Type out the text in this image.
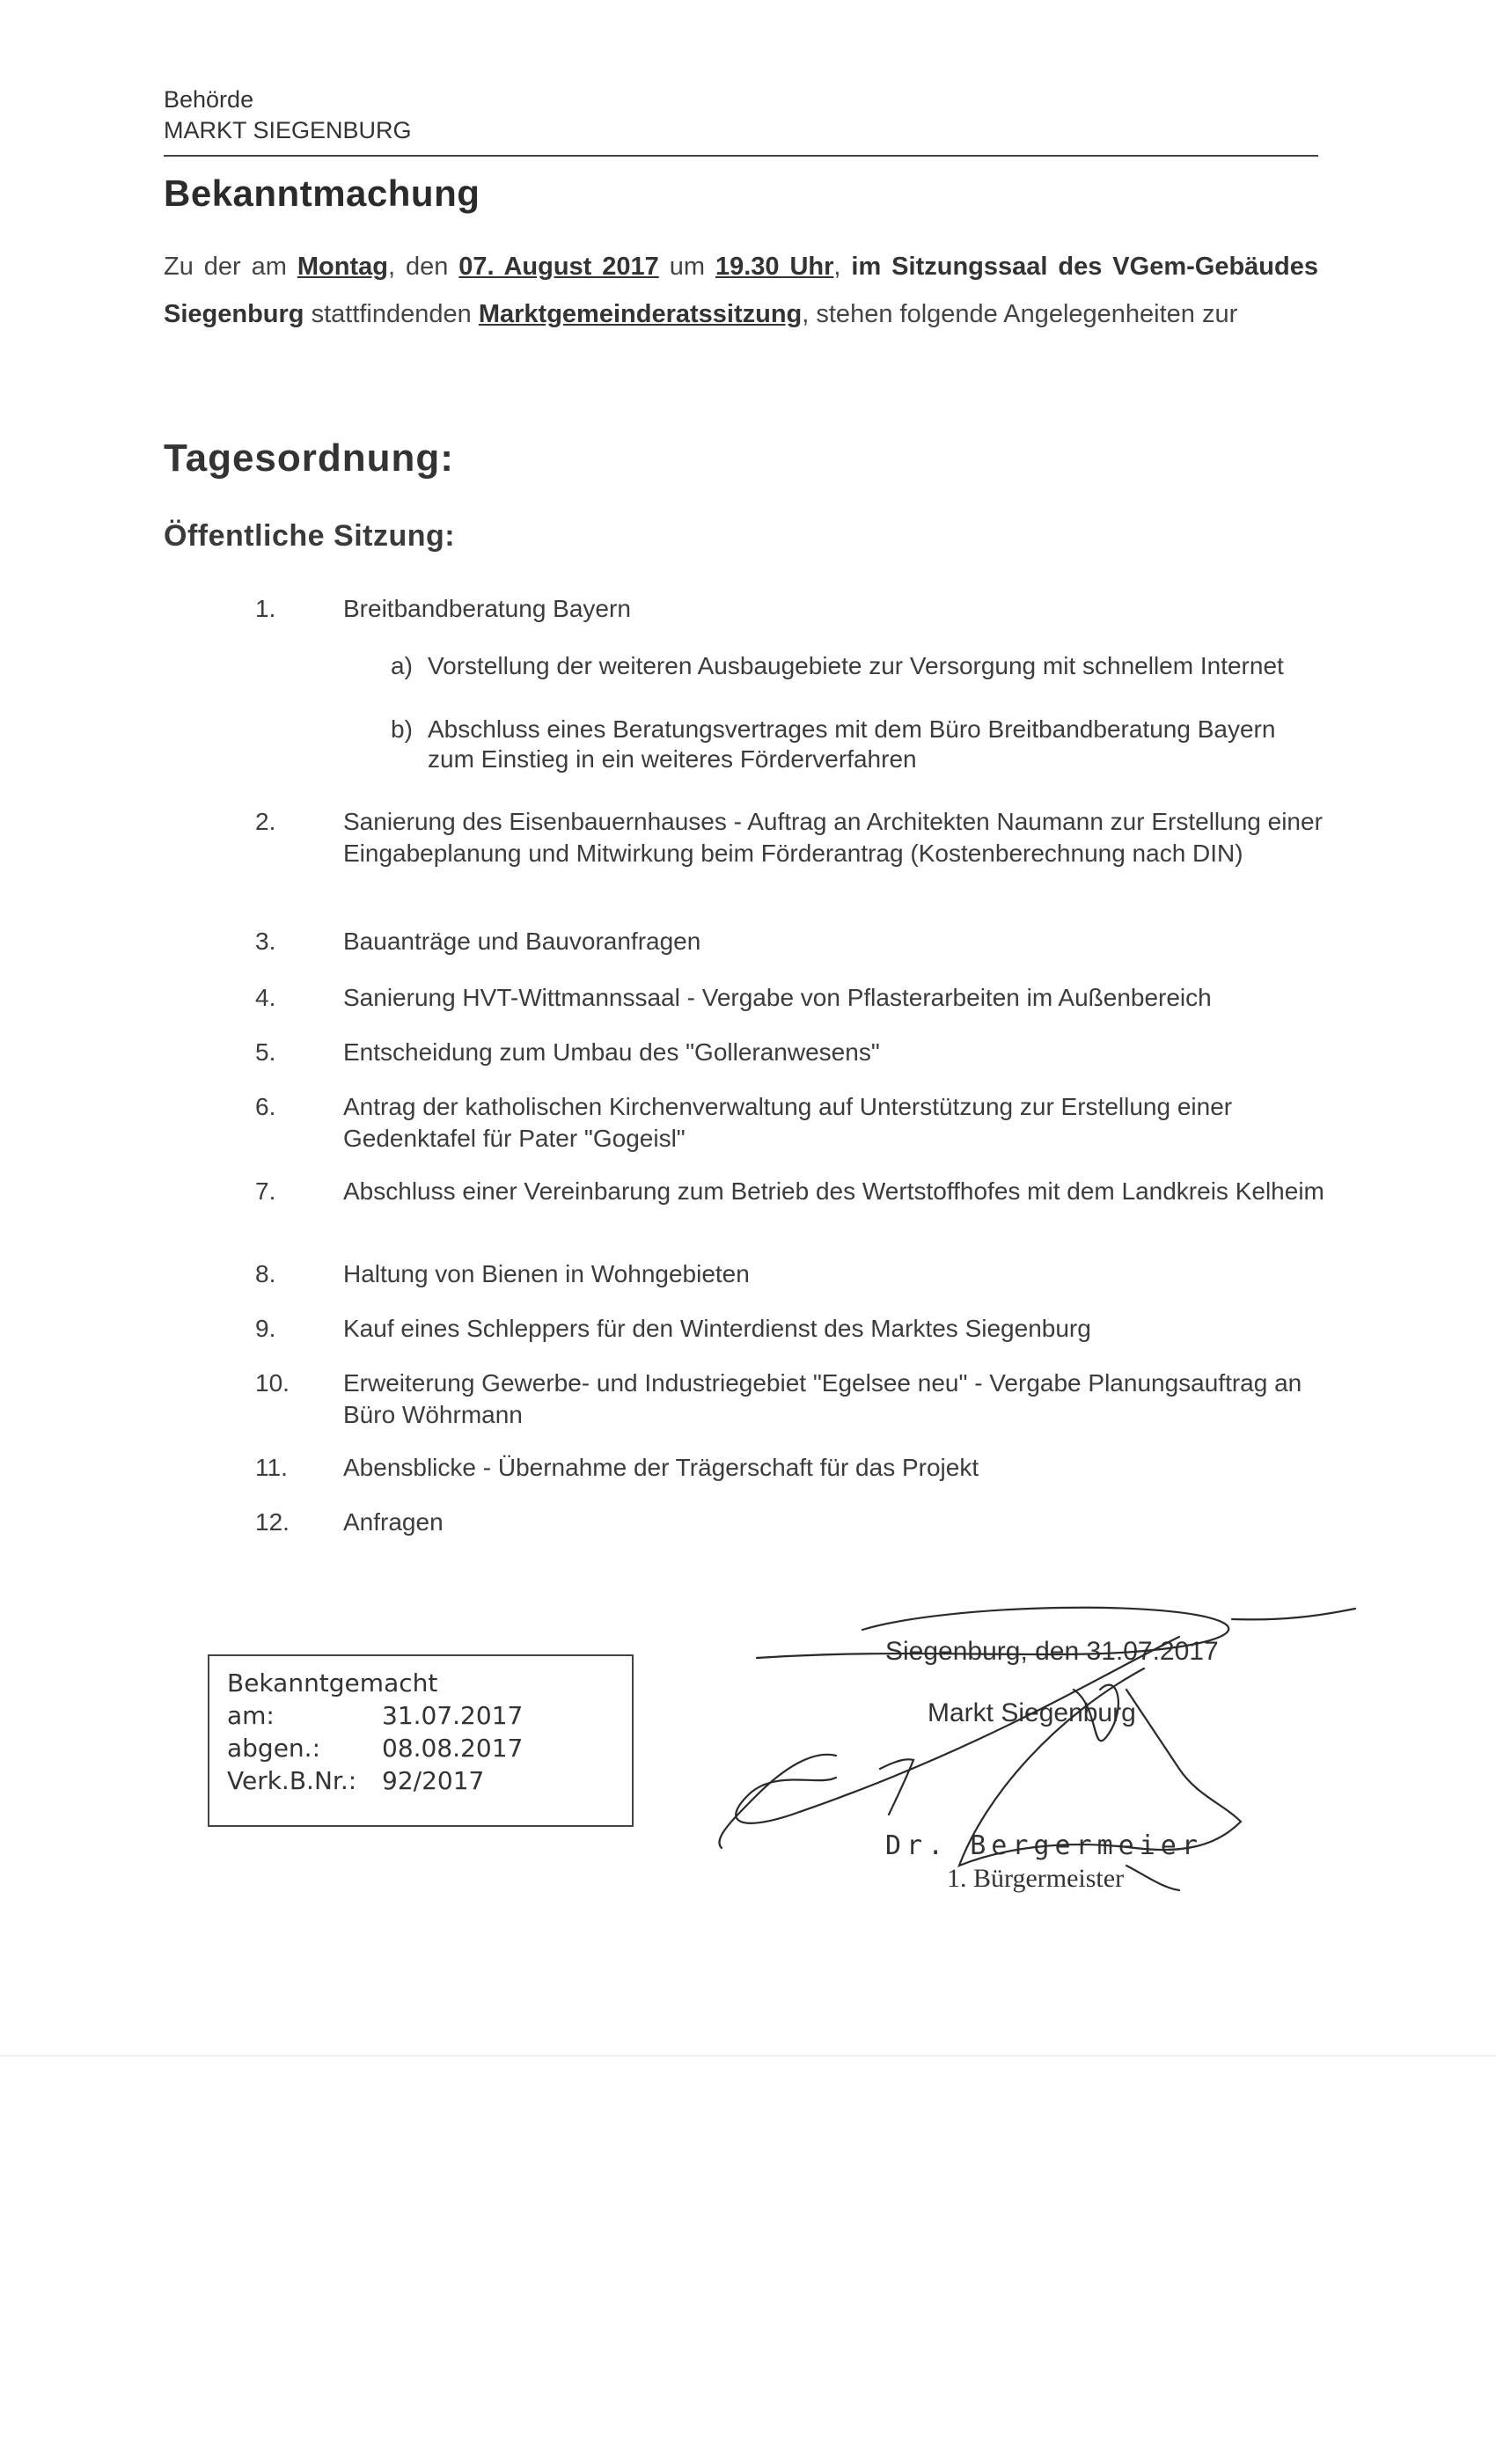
Behörde
MARKT SIEGENBURG
Bekanntmachung
Zu der am Montag, den 07. August 2017 um 19.30 Uhr, im Sitzungssaal des VGem-Gebäudes Siegenburg stattfindenden Marktgemeinderatssitzung, stehen folgende Angelegenheiten zur
Tagesordnung:
Öffentliche Sitzung:
1.	Breitbandberatung Bayern
a) Vorstellung der weiteren Ausbaugebiete zur Versorgung mit schnellem Internet
b) Abschluss eines Beratungsvertrages mit dem Büro Breitbandberatung Bayern zum Einstieg in ein weiteres Förderverfahren
2.	Sanierung des Eisenbauernhauses - Auftrag an Architekten Naumann zur Erstellung einer Eingabeplanung und Mitwirkung beim Förderantrag (Kostenberechnung nach DIN)
3.	Bauanträge und Bauvoranfragen
4.	Sanierung HVT-Wittmannssaal - Vergabe von Pflasterarbeiten im Außenbereich
5.	Entscheidung zum Umbau des "Golleranwesens"
6.	Antrag der katholischen Kirchenverwaltung auf Unterstützung zur Erstellung einer Gedenktafel für Pater "Gogeisl"
7.	Abschluss einer Vereinbarung zum Betrieb des Wertstoffhofes mit dem Landkreis Kelheim
8.	Haltung von Bienen in Wohngebieten
9.	Kauf eines Schleppers für den Winterdienst des Marktes Siegenburg
10.	Erweiterung Gewerbe- und Industriegebiet "Egelsee neu" - Vergabe Planungsauftrag an Büro Wöhrmann
11.	Abensblicke - Übernahme der Trägerschaft für das Projekt
12.	Anfragen
Bekanntgemacht
am:	31.07.2017
abgen.: 08.08.2017
Verk.B.Nr.: 92/2017
Siegenburg, den 31.07.2017
Markt Siegenburg
Dr. Bergermeier
1. Bürgermeister
